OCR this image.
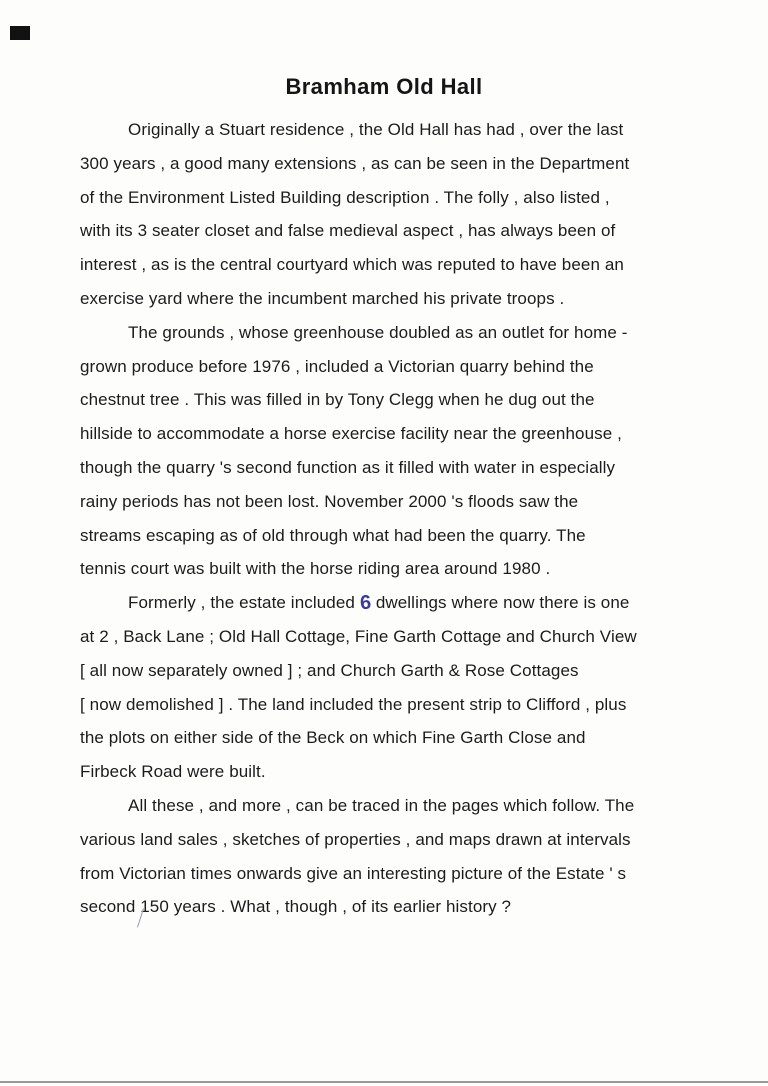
Bramham Old Hall
Originally a Stuart residence , the Old Hall has had , over the last
300 years , a good many extensions , as can be seen in the Department
of the Environment Listed Building description . The folly , also listed ,
with its 3 seater closet and false medieval aspect , has always been of
interest , as is the central courtyard which was reputed to have been an
exercise yard where the incumbent marched his private troops .
The grounds , whose greenhouse doubled as an outlet for home -
grown produce before 1976 , included a Victorian quarry behind the
chestnut tree . This was filled in by Tony Clegg when he dug out the
hillside to accommodate a horse exercise facility near the greenhouse ,
though the quarry 's second function as it filled with water in especially
rainy periods has not been lost. November 2000 's floods saw the
streams escaping as of old through what had been the quarry. The
tennis court was built with the horse riding area around 1980 .
Formerly , the estate included 6 dwellings where now there is one
at 2 , Back Lane ; Old Hall Cottage, Fine Garth Cottage and Church View
[ all now separately owned ] ; and Church Garth & Rose Cottages
[ now demolished ] . The land included the present strip to Clifford , plus
the plots on either side of the Beck on which Fine Garth Close and
Firbeck Road were built.
All these , and more , can be traced in the pages which follow. The
various land sales , sketches of properties , and maps drawn at intervals
from Victorian times onwards give an interesting picture of the Estate ' s
second 150 years . What , though , of its earlier history ?
